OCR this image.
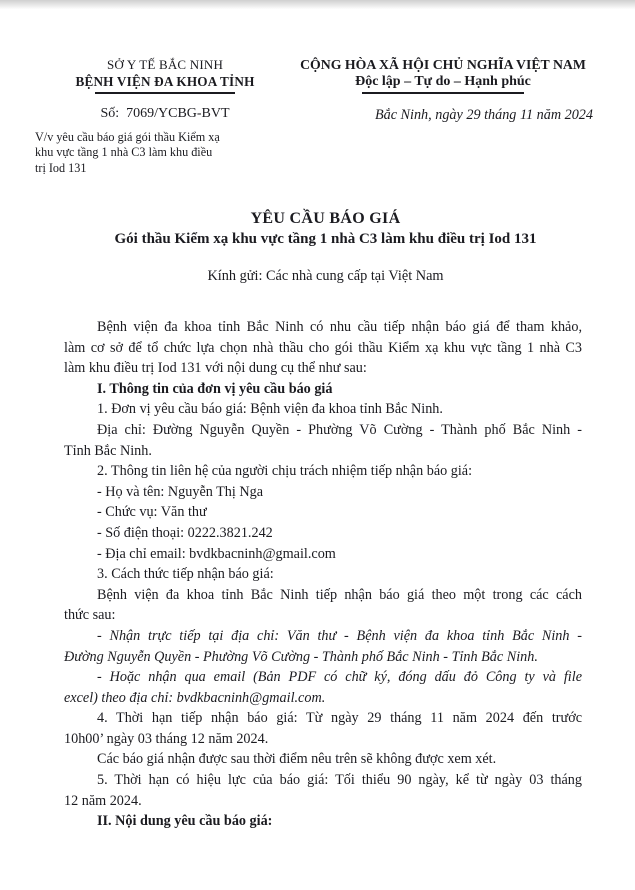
SỞ Y TẾ BẮC NINH
BỆNH VIỆN ĐA KHOA TỈNH
Số:  7069/YCBG-BVT
V/v yêu cầu báo giá gói thầu Kiểm xạ
khu vực tầng 1 nhà C3 làm khu điều
trị Iod 131
CỘNG HÒA XÃ HỘI CHỦ NGHĨA VIỆT NAM
Độc lập – Tự do – Hạnh phúc
Bắc Ninh, ngày 29 tháng 11 năm 2024
YÊU CẦU BÁO GIÁ
Gói thầu Kiểm xạ khu vực tầng 1 nhà C3 làm khu điều trị Iod 131
Kính gửi: Các nhà cung cấp tại Việt Nam
Bệnh viện đa khoa tỉnh Bắc Ninh có nhu cầu tiếp nhận báo giá để tham khảo,
làm cơ sở để tổ chức lựa chọn nhà thầu cho gói thầu Kiểm xạ khu vực tầng 1 nhà C3
làm khu điều trị Iod 131 với nội dung cụ thể như sau:
I. Thông tin của đơn vị yêu cầu báo giá
1. Đơn vị yêu cầu báo giá: Bệnh viện đa khoa tỉnh Bắc Ninh.
Địa chỉ: Đường Nguyễn Quyền - Phường Võ Cường - Thành phố Bắc Ninh -
Tỉnh Bắc Ninh.
2. Thông tin liên hệ của người chịu trách nhiệm tiếp nhận báo giá:
- Họ và tên: Nguyễn Thị Nga
- Chức vụ: Văn thư
- Số điện thoại: 0222.3821.242
- Địa chỉ email: bvdkbacninh@gmail.com
3. Cách thức tiếp nhận báo giá:
Bệnh viện đa khoa tỉnh Bắc Ninh tiếp nhận báo giá theo một trong các cách
thức sau:
- Nhận trực tiếp tại địa chỉ: Văn thư - Bệnh viện đa khoa tỉnh Bắc Ninh -
Đường Nguyễn Quyền - Phường Võ Cường - Thành phố Bắc Ninh - Tỉnh Bắc Ninh.
- Hoặc nhận qua email (Bản PDF có chữ ký, đóng dấu đỏ Công ty và file
excel) theo địa chỉ: bvdkbacninh@gmail.com.
4. Thời hạn tiếp nhận báo giá: Từ ngày 29 tháng 11 năm 2024 đến trước
10h00’ ngày 03 tháng 12 năm 2024.
Các báo giá nhận được sau thời điểm nêu trên sẽ không được xem xét.
5. Thời hạn có hiệu lực của báo giá: Tối thiểu 90 ngày, kể từ ngày 03 tháng
12 năm 2024.
II. Nội dung yêu cầu báo giá:
